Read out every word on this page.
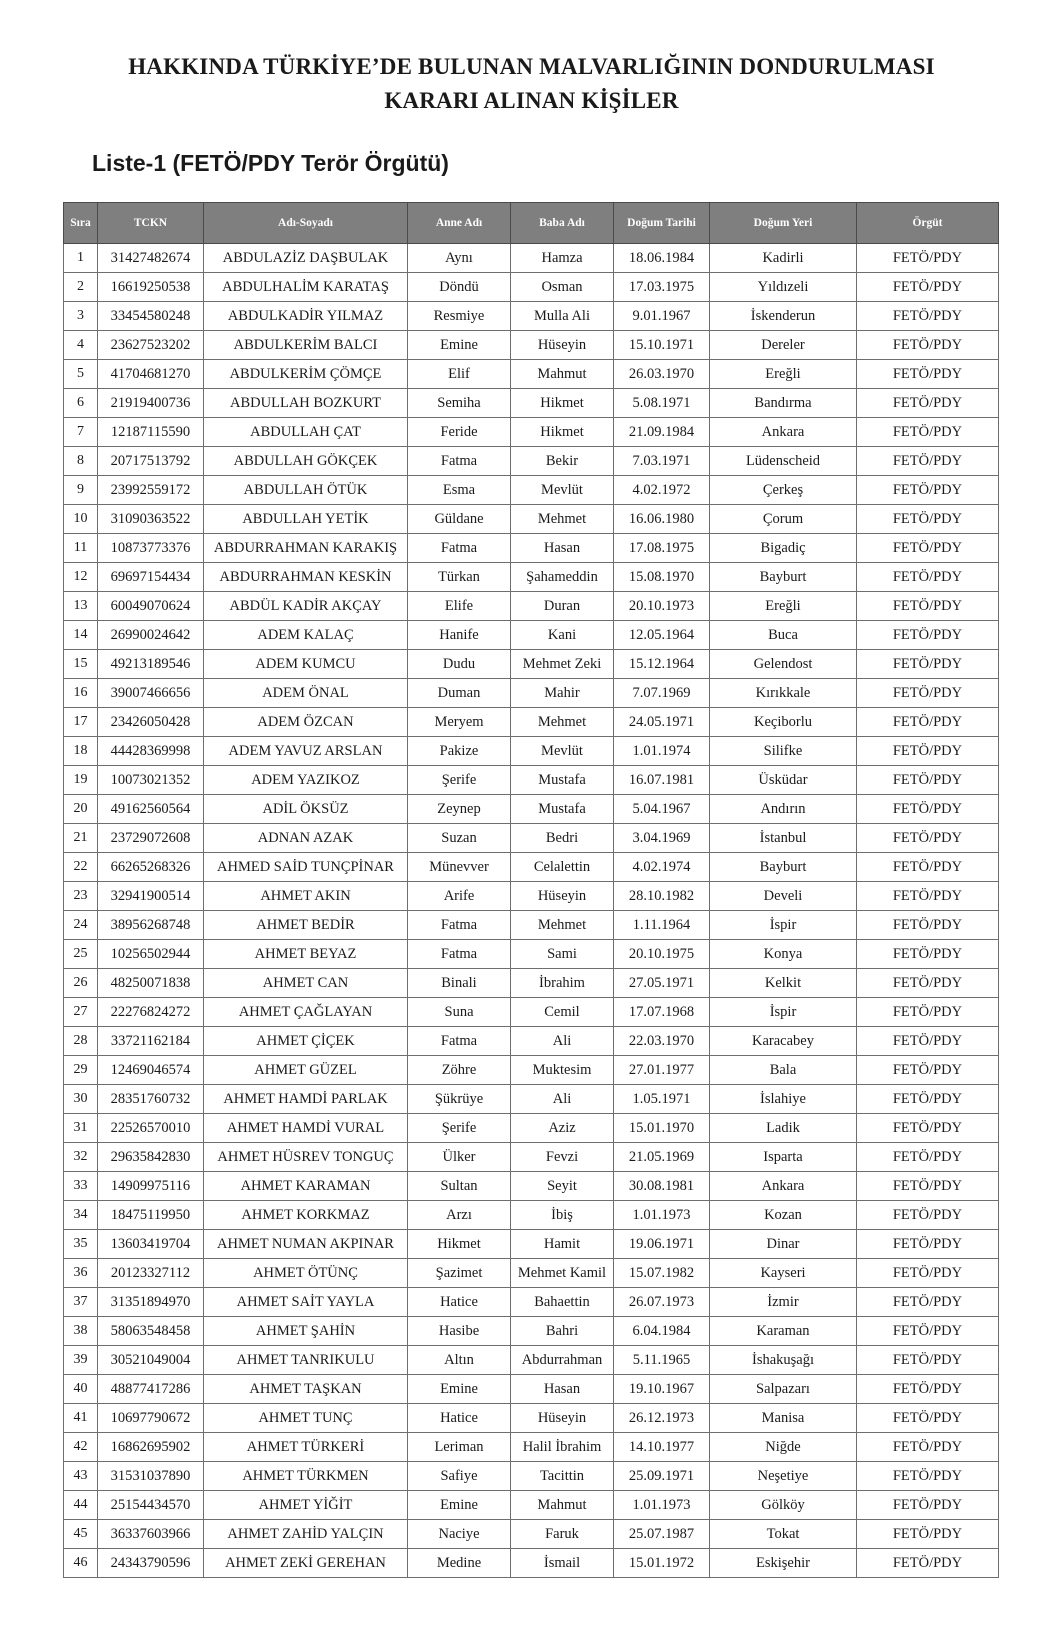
HAKKINDA TÜRKİYE’DE BULUNAN MALVARLIĞININ DONDURULMASI
KARARI ALINAN KİŞİLER
Liste-1 (FETÖ/PDY Terör Örgütü)
Sıra	TCKN	Adı-Soyadı	Anne Adı	Baba Adı	Doğum Tarihi	Doğum Yeri	Örgüt
1	31427482674	ABDULAZİZ DAŞBULAK	Aynı	Hamza	18.06.1984	Kadirli	FETÖ/PDY
2	16619250538	ABDULHALİM KARATAŞ	Döndü	Osman	17.03.1975	Yıldızeli	FETÖ/PDY
3	33454580248	ABDULKADİR YILMAZ	Resmiye	Mulla Ali	9.01.1967	İskenderun	FETÖ/PDY
4	23627523202	ABDULKERİM BALCI	Emine	Hüseyin	15.10.1971	Dereler	FETÖ/PDY
5	41704681270	ABDULKERİM ÇÖMÇE	Elif	Mahmut	26.03.1970	Ereğli	FETÖ/PDY
6	21919400736	ABDULLAH BOZKURT	Semiha	Hikmet	5.08.1971	Bandırma	FETÖ/PDY
7	12187115590	ABDULLAH ÇAT	Feride	Hikmet	21.09.1984	Ankara	FETÖ/PDY
8	20717513792	ABDULLAH GÖKÇEK	Fatma	Bekir	7.03.1971	Lüdenscheid	FETÖ/PDY
9	23992559172	ABDULLAH ÖTÜK	Esma	Mevlüt	4.02.1972	Çerkeş	FETÖ/PDY
10	31090363522	ABDULLAH YETİK	Güldane	Mehmet	16.06.1980	Çorum	FETÖ/PDY
11	10873773376	ABDURRAHMAN KARAKIŞ	Fatma	Hasan	17.08.1975	Bigadiç	FETÖ/PDY
12	69697154434	ABDURRAHMAN KESKİN	Türkan	Şahameddin	15.08.1970	Bayburt	FETÖ/PDY
13	60049070624	ABDÜL KADİR AKÇAY	Elife	Duran	20.10.1973	Ereğli	FETÖ/PDY
14	26990024642	ADEM KALAÇ	Hanife	Kani	12.05.1964	Buca	FETÖ/PDY
15	49213189546	ADEM KUMCU	Dudu	Mehmet Zeki	15.12.1964	Gelendost	FETÖ/PDY
16	39007466656	ADEM ÖNAL	Duman	Mahir	7.07.1969	Kırıkkale	FETÖ/PDY
17	23426050428	ADEM ÖZCAN	Meryem	Mehmet	24.05.1971	Keçiborlu	FETÖ/PDY
18	44428369998	ADEM YAVUZ ARSLAN	Pakize	Mevlüt	1.01.1974	Silifke	FETÖ/PDY
19	10073021352	ADEM YAZIKOZ	Şerife	Mustafa	16.07.1981	Üsküdar	FETÖ/PDY
20	49162560564	ADİL ÖKSÜZ	Zeynep	Mustafa	5.04.1967	Andırın	FETÖ/PDY
21	23729072608	ADNAN AZAK	Suzan	Bedri	3.04.1969	İstanbul	FETÖ/PDY
22	66265268326	AHMED SAİD TUNÇPİNAR	Münevver	Celalettin	4.02.1974	Bayburt	FETÖ/PDY
23	32941900514	AHMET AKIN	Arife	Hüseyin	28.10.1982	Develi	FETÖ/PDY
24	38956268748	AHMET BEDİR	Fatma	Mehmet	1.11.1964	İspir	FETÖ/PDY
25	10256502944	AHMET BEYAZ	Fatma	Sami	20.10.1975	Konya	FETÖ/PDY
26	48250071838	AHMET CAN	Binali	İbrahim	27.05.1971	Kelkit	FETÖ/PDY
27	22276824272	AHMET ÇAĞLAYAN	Suna	Cemil	17.07.1968	İspir	FETÖ/PDY
28	33721162184	AHMET ÇİÇEK	Fatma	Ali	22.03.1970	Karacabey	FETÖ/PDY
29	12469046574	AHMET GÜZEL	Zöhre	Muktesim	27.01.1977	Bala	FETÖ/PDY
30	28351760732	AHMET HAMDİ PARLAK	Şükrüye	Ali	1.05.1971	İslahiye	FETÖ/PDY
31	22526570010	AHMET HAMDİ VURAL	Şerife	Aziz	15.01.1970	Ladik	FETÖ/PDY
32	29635842830	AHMET HÜSREV TONGUÇ	Ülker	Fevzi	21.05.1969	Isparta	FETÖ/PDY
33	14909975116	AHMET KARAMAN	Sultan	Seyit	30.08.1981	Ankara	FETÖ/PDY
34	18475119950	AHMET KORKMAZ	Arzı	İbiş	1.01.1973	Kozan	FETÖ/PDY
35	13603419704	AHMET NUMAN AKPINAR	Hikmet	Hamit	19.06.1971	Dinar	FETÖ/PDY
36	20123327112	AHMET ÖTÜNÇ	Şazimet	Mehmet Kamil	15.07.1982	Kayseri	FETÖ/PDY
37	31351894970	AHMET SAİT YAYLA	Hatice	Bahaettin	26.07.1973	İzmir	FETÖ/PDY
38	58063548458	AHMET ŞAHİN	Hasibe	Bahri	6.04.1984	Karaman	FETÖ/PDY
39	30521049004	AHMET TANRIKULU	Altın	Abdurrahman	5.11.1965	İshakuşağı	FETÖ/PDY
40	48877417286	AHMET TAŞKAN	Emine	Hasan	19.10.1967	Salpazarı	FETÖ/PDY
41	10697790672	AHMET TUNÇ	Hatice	Hüseyin	26.12.1973	Manisa	FETÖ/PDY
42	16862695902	AHMET TÜRKERİ	Leriman	Halil İbrahim	14.10.1977	Niğde	FETÖ/PDY
43	31531037890	AHMET TÜRKMEN	Safiye	Tacittin	25.09.1971	Neşetiye	FETÖ/PDY
44	25154434570	AHMET YİĞİT	Emine	Mahmut	1.01.1973	Gölköy	FETÖ/PDY
45	36337603966	AHMET ZAHİD YALÇIN	Naciye	Faruk	25.07.1987	Tokat	FETÖ/PDY
46	24343790596	AHMET ZEKİ GEREHAN	Medine	İsmail	15.01.1972	Eskişehir	FETÖ/PDY
